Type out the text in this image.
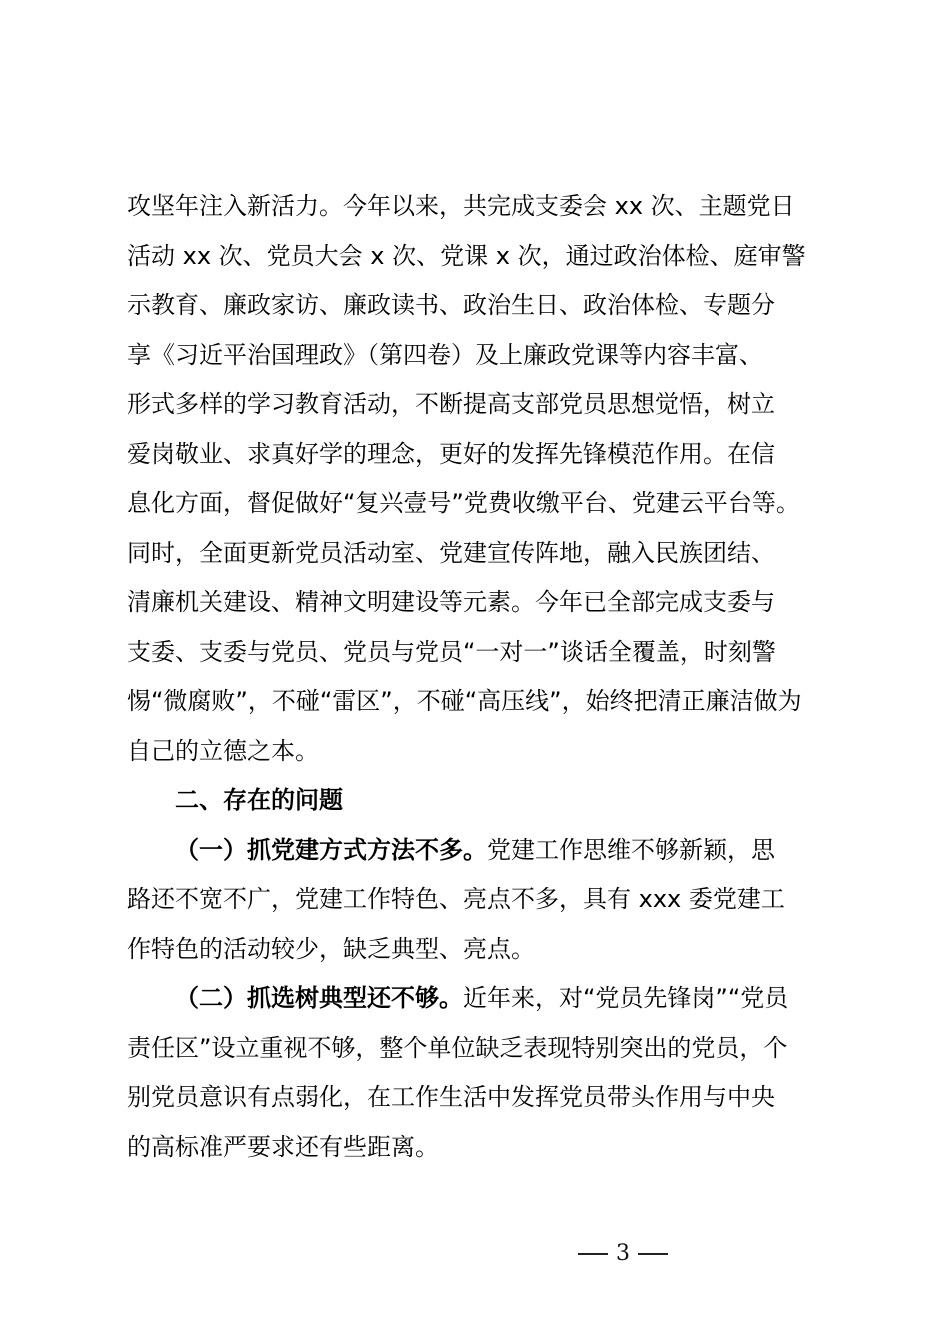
攻坚年注入新活力。今年以来，共完成支委会 xx 次、主题党日
活动 xx 次、党员大会 x 次、党课 x 次，通过政治体检、庭审警
示教育、廉政家访、廉政读书、政治生日、政治体检、专题分
享《习近平治国理政》（第四卷）及上廉政党课等内容丰富、
形式多样的学习教育活动，不断提高支部党员思想觉悟，树立
爱岗敬业、求真好学的理念，更好的发挥先锋模范作用。在信
息化方面，督促做好“复兴壹号”党费收缴平台、党建云平台等。
同时，全面更新党员活动室、党建宣传阵地，融入民族团结、
清廉机关建设、精神文明建设等元素。今年已全部完成支委与
支委、支委与党员、党员与党员“一对一”谈话全覆盖，时刻警
惕“微腐败”，不碰“雷区”，不碰“高压线”，始终把清正廉洁做为
自己的立德之本。
二、存在的问题
（一）抓党建方式方法不多。党建工作思维不够新颖，思
路还不宽不广，党建工作特色、亮点不多，具有 xxx 委党建工
作特色的活动较少，缺乏典型、亮点。
（二）抓选树典型还不够。近年来，对“党员先锋岗”“党员
责任区”设立重视不够，整个单位缺乏表现特别突出的党员，个
别党员意识有点弱化，在工作生活中发挥党员带头作用与中央
的高标准严要求还有些距离。
3
